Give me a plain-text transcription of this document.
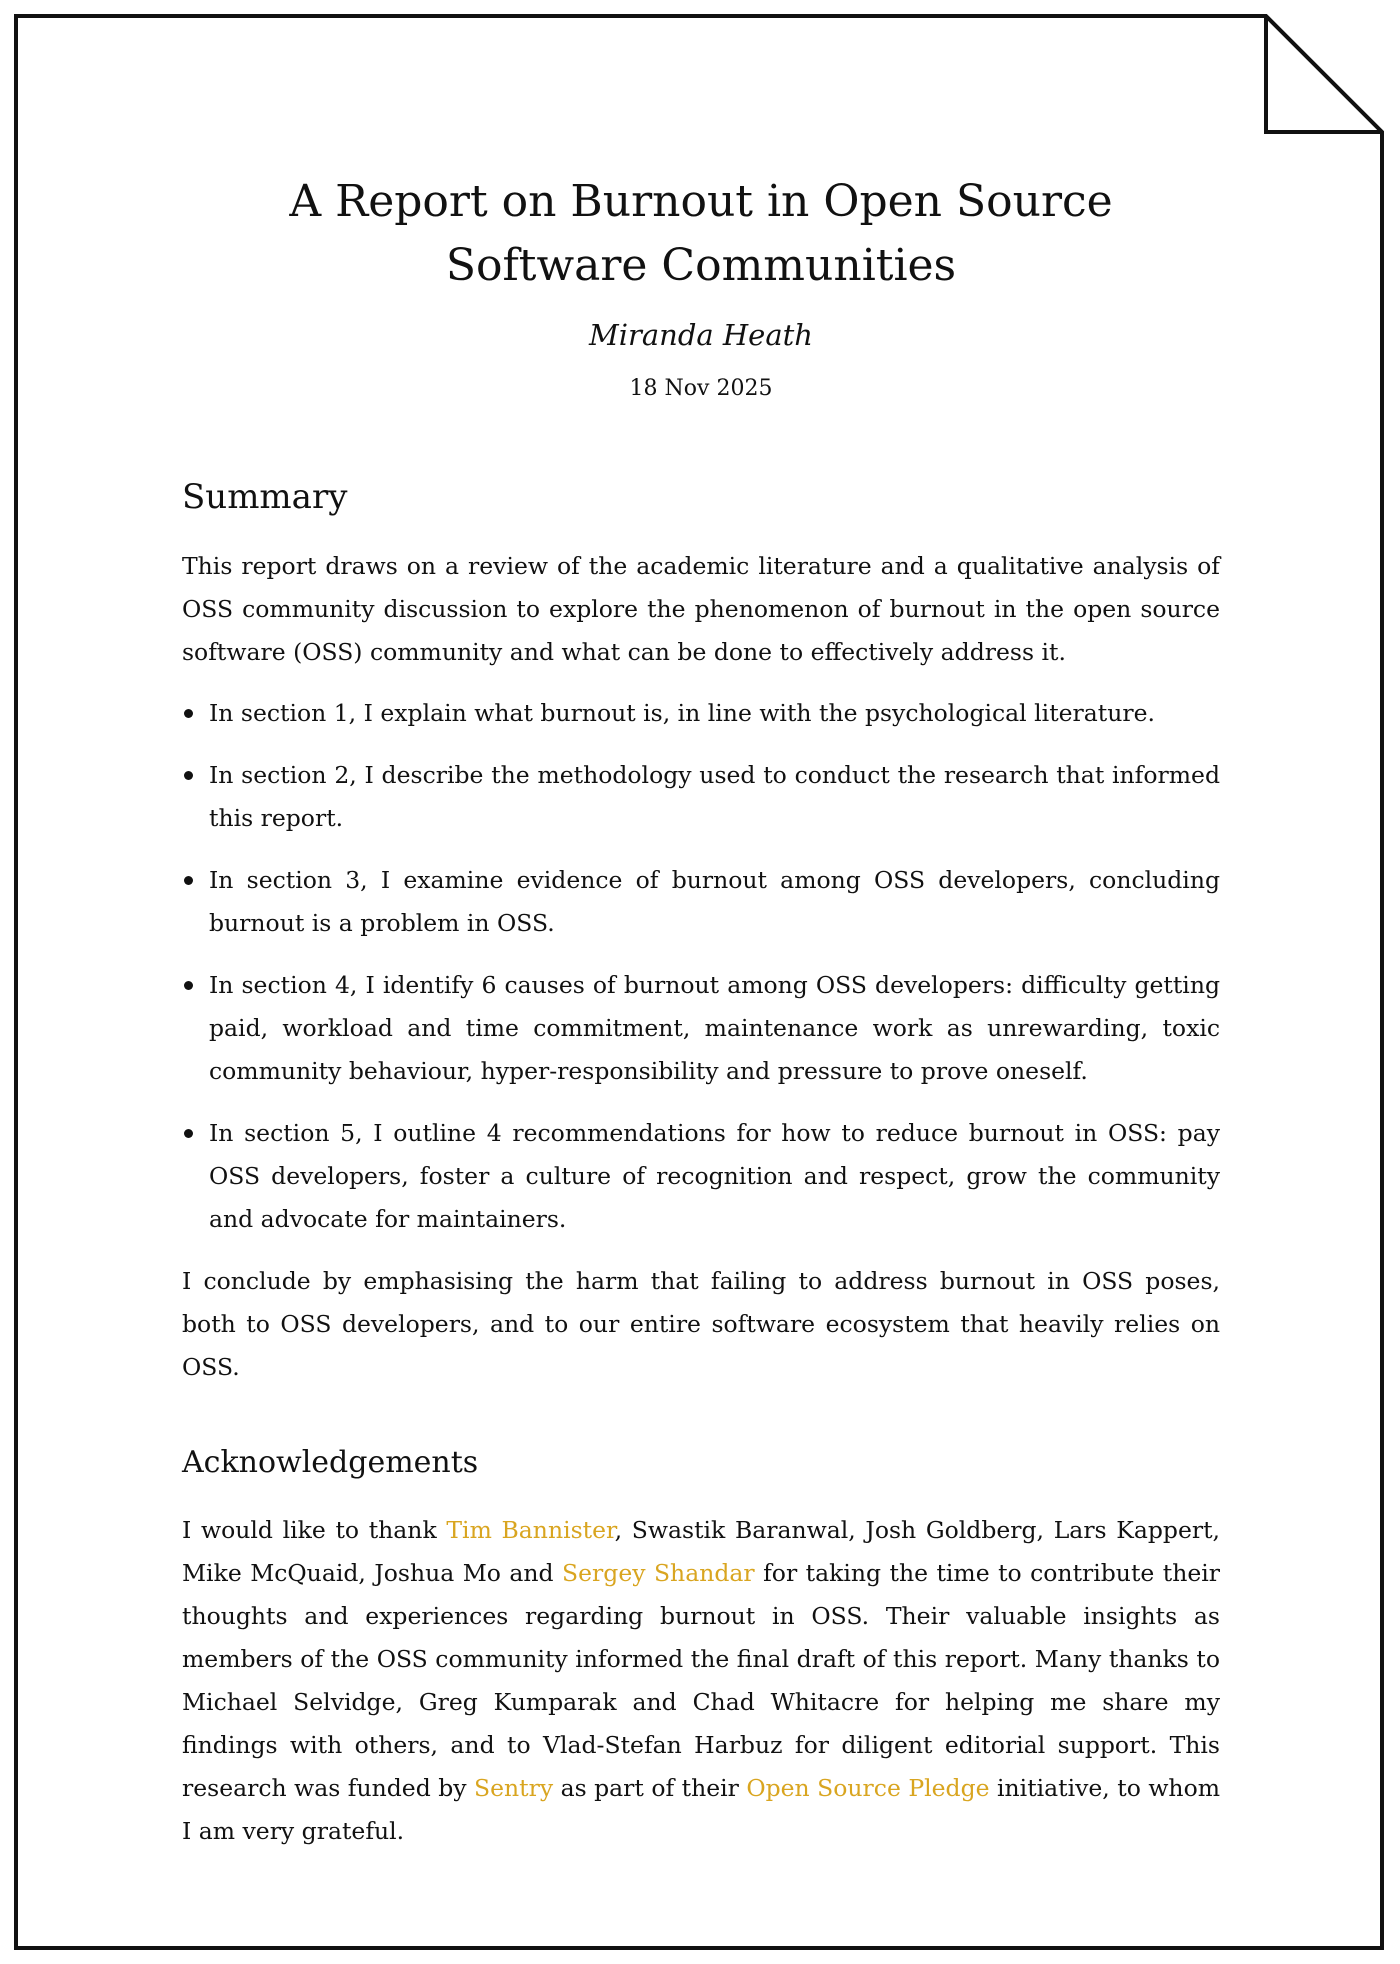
A Report on Burnout in Open Source Software Communities

Miranda Heath

18 Nov 2025

Summary

This report draws on a review of the academic literature and a qualitative analysis of OSS community discussion to explore the phenomenon of burnout in the open source software (OSS) community and what can be done to effectively address it.

In section 1, I explain what burnout is, in line with the psychological literature.
In section 2, I describe the methodology used to conduct the research that informed this report.
In section 3, I examine evidence of burnout among OSS developers, concluding burnout is a problem in OSS.
In section 4, I identify 6 causes of burnout among OSS developers: difficulty getting paid, workload and time commitment, maintenance work as unrewarding, toxic community behaviour, hyper-responsibility and pressure to prove oneself.
In section 5, I outline 4 recommendations for how to reduce burnout in OSS: pay OSS developers, foster a culture of recognition and respect, grow the community and advocate for maintainers.

I conclude by emphasising the harm that failing to address burnout in OSS poses, both to OSS developers, and to our entire software ecosystem that heavily relies on OSS.

Acknowledgements

I would like to thank Tim Bannister, Swastik Baranwal, Josh Goldberg, Lars Kappert, Mike McQuaid, Joshua Mo and Sergey Shandar for taking the time to contribute their thoughts and experiences regarding burnout in OSS. Their valuable insights as members of the OSS community informed the final draft of this report. Many thanks to Michael Selvidge, Greg Kumparak and Chad Whitacre for helping me share my findings with others, and to Vlad-Stefan Harbuz for diligent editorial support. This research was funded by Sentry as part of their Open Source Pledge initiative, to whom I am very grateful.
